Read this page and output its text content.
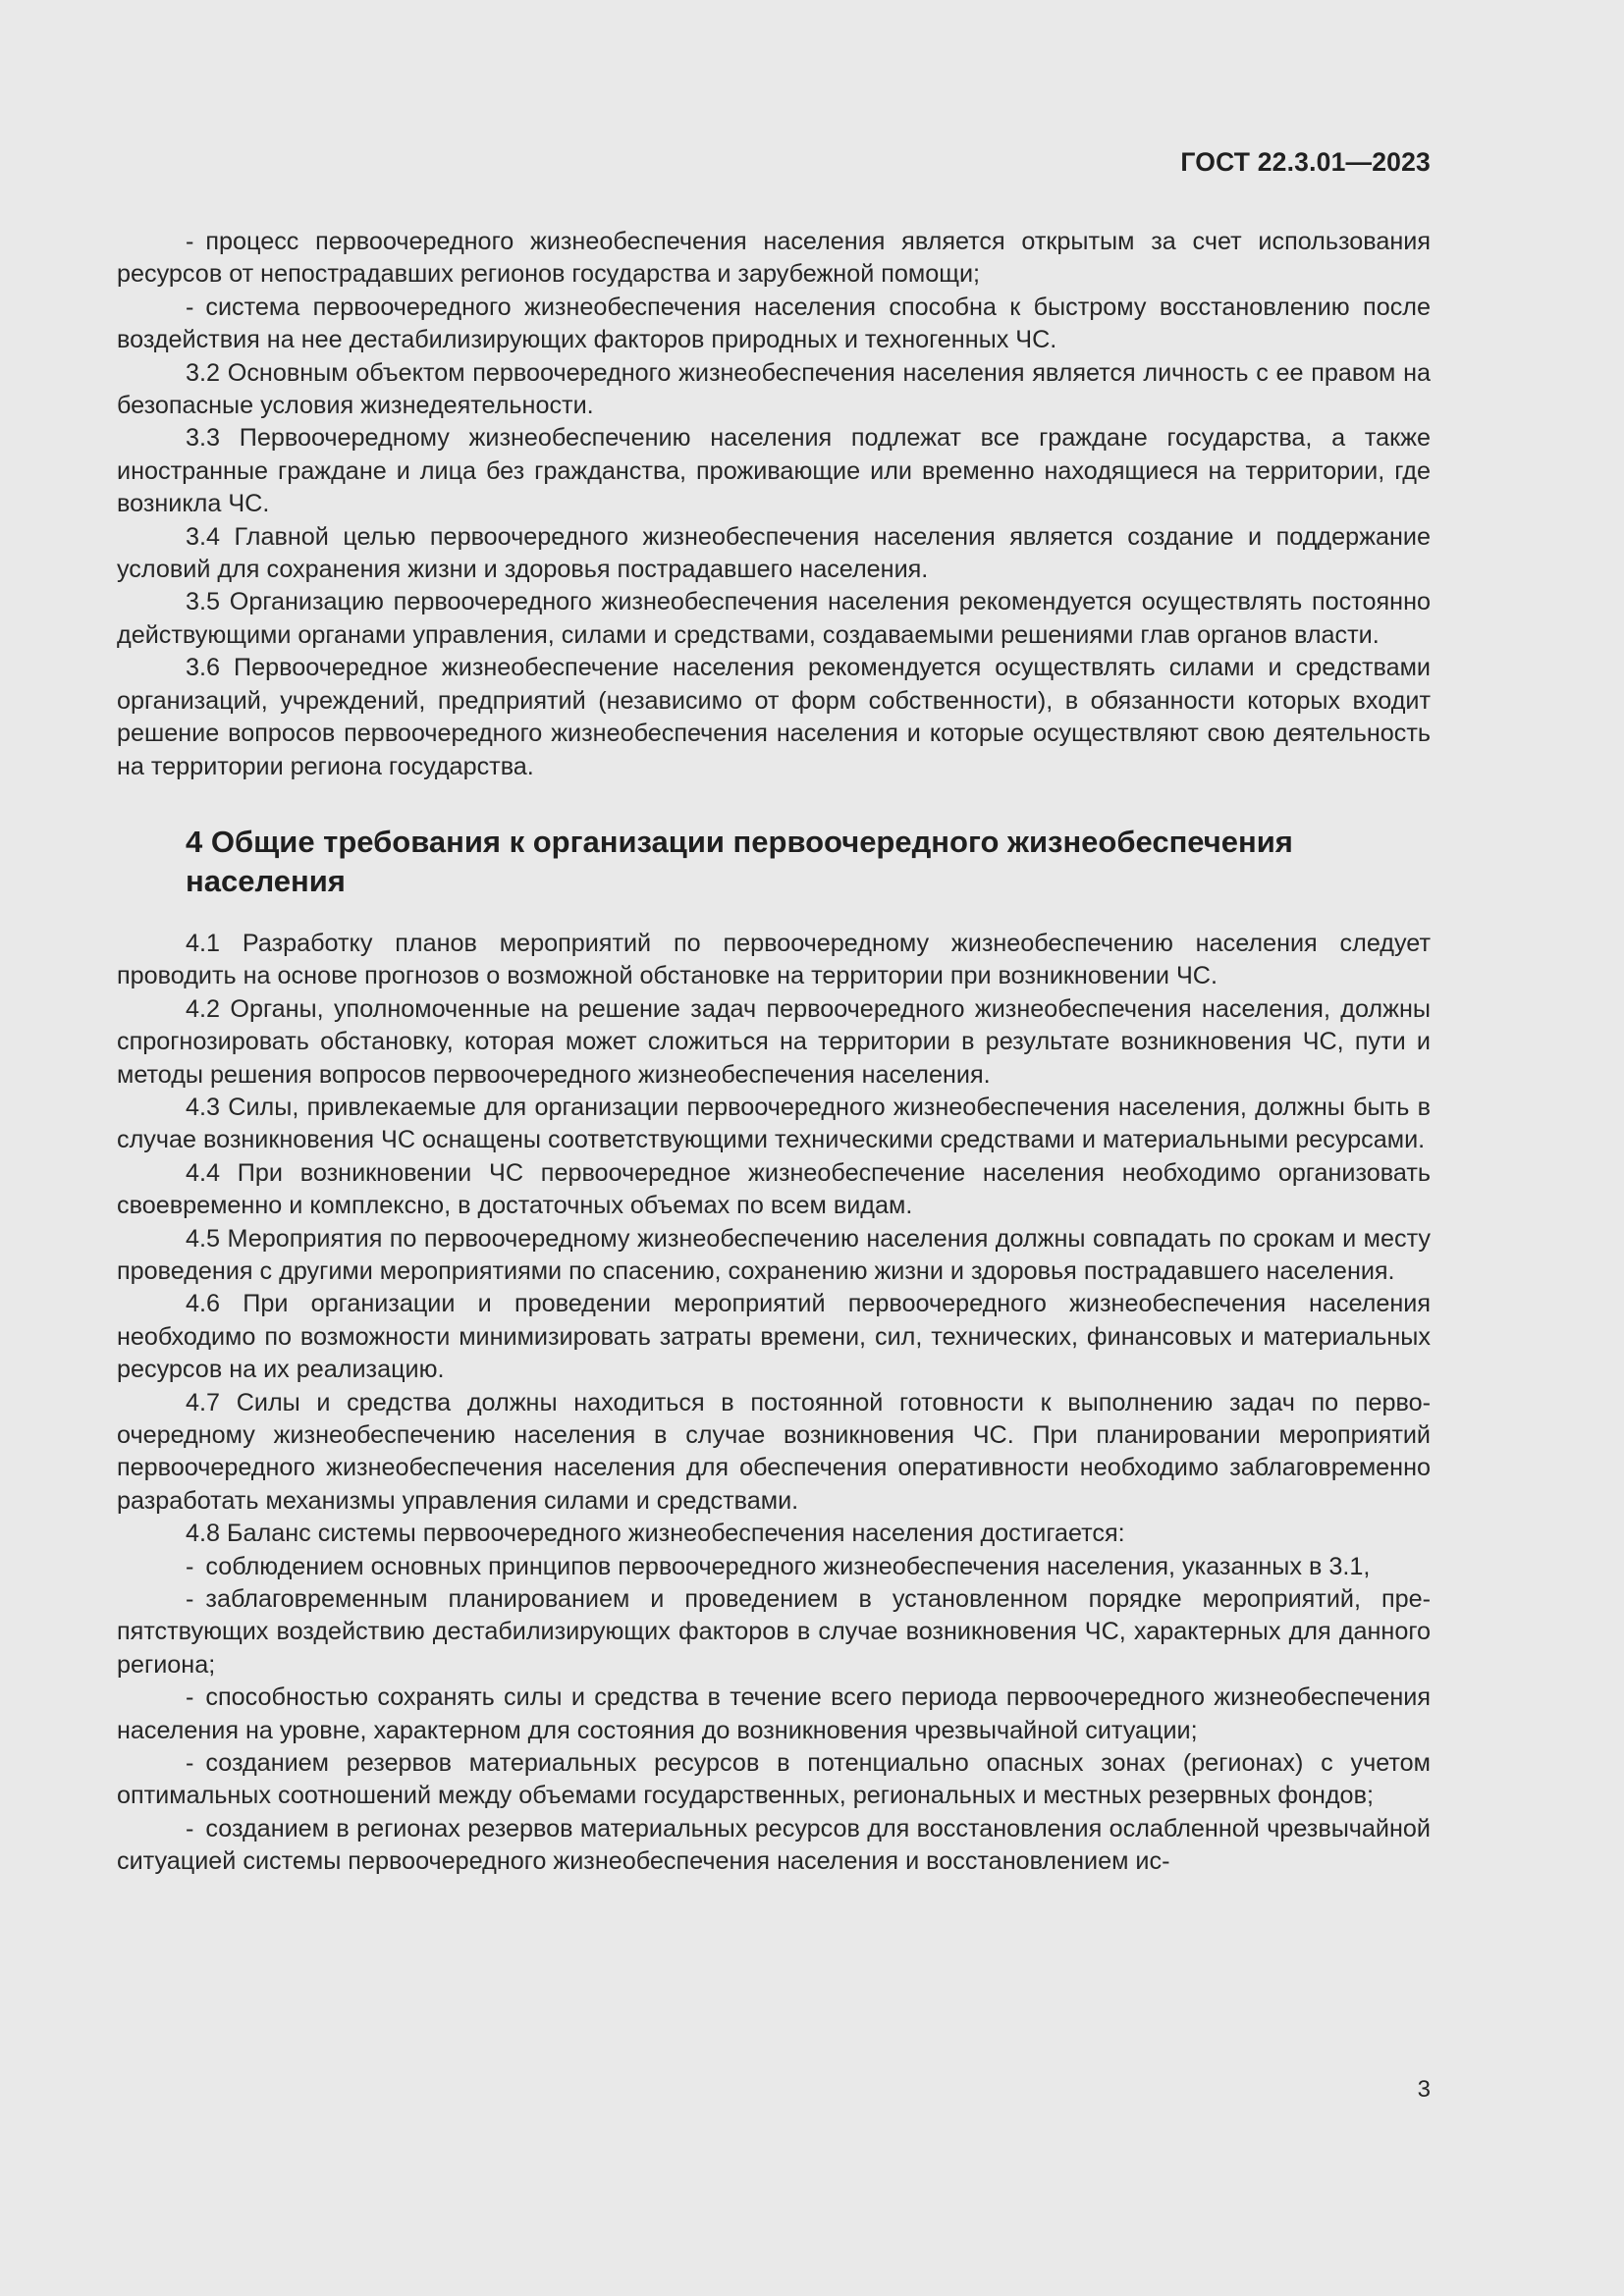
ГОСТ 22.3.01—2023

- процесс первоочередного жизнеобеспечения населения является открытым за счет использования ресурсов от непострадавших регионов государства и зарубежной помощи;

- система первоочередного жизнеобеспечения населения способна к быстрому восстановлению после воздействия на нее дестабилизирующих факторов природных и техногенных ЧС.

3.2 Основным объектом первоочередного жизнеобеспечения населения является личность с ее правом на безопасные условия жизнедеятельности.

3.3 Первоочередному жизнеобеспечению населения подлежат все граждане государства, а также иностранные граждане и лица без гражданства, проживающие или временно находящиеся на территории, где возникла ЧС.

3.4 Главной целью первоочередного жизнеобеспечения населения является создание и поддержание условий для сохранения жизни и здоровья пострадавшего населения.

3.5 Организацию первоочередного жизнеобеспечения населения рекомендуется осуществлять постоянно действующими органами управления, силами и средствами, создаваемыми решениями глав органов власти.

3.6 Первоочередное жизнеобеспечение населения рекомендуется осуществлять силами и средствами организаций, учреждений, предприятий (независимо от форм собственности), в обязанности которых входит решение вопросов первоочередного жизнеобеспечения населения и которые осуществляют свою деятельность на территории региона государства.

4 Общие требования к организации первоочередного жизнеобеспечения населения

4.1 Разработку планов мероприятий по первоочередному жизнеобеспечению населения следует проводить на основе прогнозов о возможной обстановке на территории при возникновении ЧС.

4.2 Органы, уполномоченные на решение задач первоочередного жизнеобеспечения населения, должны спрогнозировать обстановку, которая может сложиться на территории в результате возникновения ЧС, пути и методы решения вопросов первоочередного жизнеобеспечения населения.

4.3 Силы, привлекаемые для организации первоочередного жизнеобеспечения населения, должны быть в случае возникновения ЧС оснащены соответствующими техническими средствами и материальными ресурсами.

4.4 При возникновении ЧС первоочередное жизнеобеспечение населения необходимо организовать своевременно и комплексно, в достаточных объемах по всем видам.

4.5 Мероприятия по первоочередному жизнеобеспечению населения должны совпадать по срокам и месту проведения с другими мероприятиями по спасению, сохранению жизни и здоровья пострадавшего населения.

4.6 При организации и проведении мероприятий первоочередного жизнеобеспечения населения необходимо по возможности минимизировать затраты времени, сил, технических, финансовых и материальных ресурсов на их реализацию.

4.7 Силы и средства должны находиться в постоянной готовности к выполнению задач по первоочередному жизнеобеспечению населения в случае возникновения ЧС. При планировании мероприятий первоочередного жизнеобеспечения населения для обеспечения оперативности необходимо заблаговременно разработать механизмы управления силами и средствами.

4.8 Баланс системы первоочередного жизнеобеспечения населения достигается:

- соблюдением основных принципов первоочередного жизнеобеспечения населения, указанных в 3.1,

- заблаговременным планированием и проведением в установленном порядке мероприятий, препятствующих воздействию дестабилизирующих факторов в случае возникновения ЧС, характерных для данного региона;

- способностью сохранять силы и средства в течение всего периода первоочередного жизнеобеспечения населения на уровне, характерном для состояния до возникновения чрезвычайной ситуации;

- созданием резервов материальных ресурсов в потенциально опасных зонах (регионах) с учетом оптимальных соотношений между объемами государственных, региональных и местных резервных фондов;

- созданием в регионах резервов материальных ресурсов для восстановления ослабленной чрезвычайной ситуацией системы первоочередного жизнеобеспечения населения и восстановлением ис-

3
